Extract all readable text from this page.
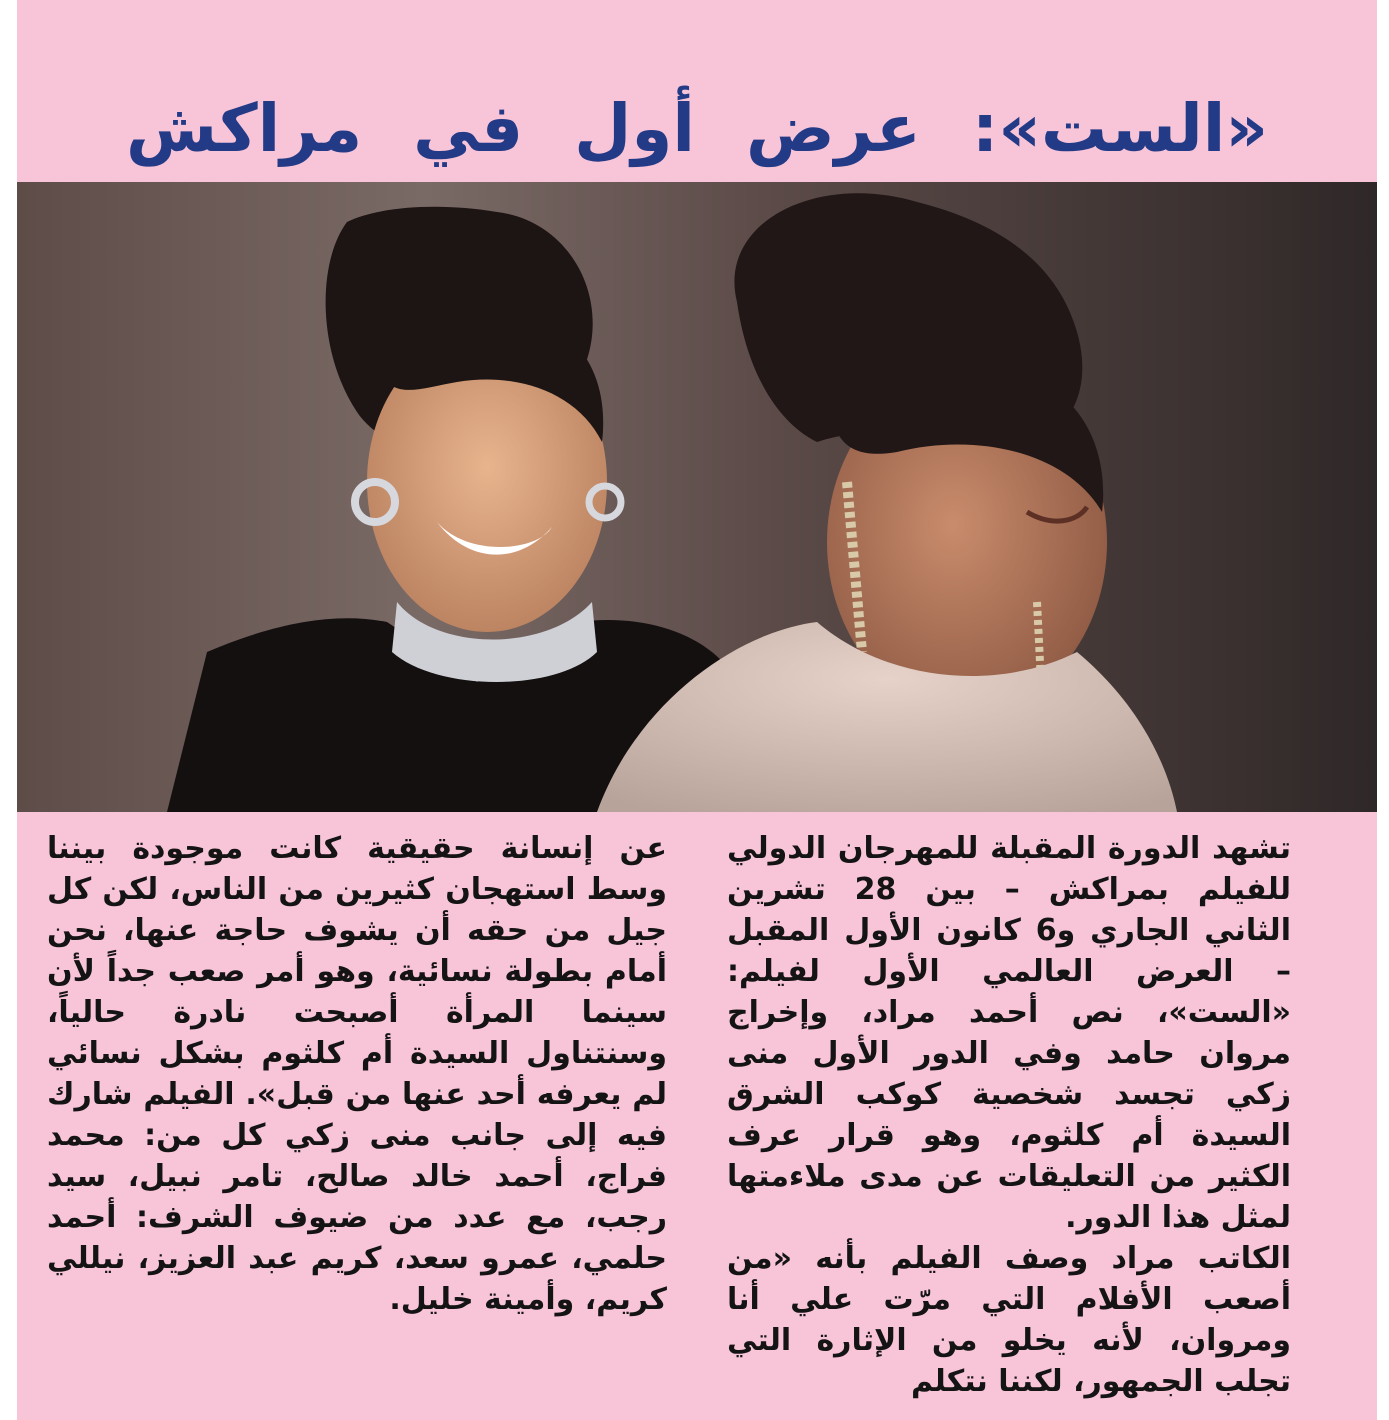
«الست»: عرض أول في مراكش

تشهد الدورة المقبلة للمهرجان الدولي للفيلم بمراكش – بين 28 تشرين الثاني الجاري و6 كانون الأول المقبل – العرض العالمي الأول لفيلم: «الست»، نص أحمد مراد، وإخراج مروان حامد وفي الدور الأول منى زكي تجسد شخصية كوكب الشرق السيدة أم كلثوم، وهو قرار عرف الكثير من التعليقات عن مدى ملاءمتها لمثل هذا الدور.

الكاتب مراد وصف الفيلم بأنه «من أصعب الأفلام التي مرّت علي أنا ومروان، لأنه يخلو من الإثارة التي تجلب الجمهور، لكننا نتكلم

عن إنسانة حقيقية كانت موجودة بيننا وسط استهجان كثيرين من الناس، لكن كل جيل من حقه أن يشوف حاجة عنها، نحن أمام بطولة نسائية، وهو أمر صعب جداً لأن سينما المرأة أصبحت نادرة حالياً، وسنتناول السيدة أم كلثوم بشكل نسائي لم يعرفه أحد عنها من قبل». الفيلم شارك فيه إلى جانب منى زكي كل من: محمد فراج، أحمد خالد صالح، تامر نبيل، سيد رجب، مع عدد من ضيوف الشرف: أحمد حلمي، عمرو سعد، كريم عبد العزيز، نيللي كريم، وأمينة خليل.
